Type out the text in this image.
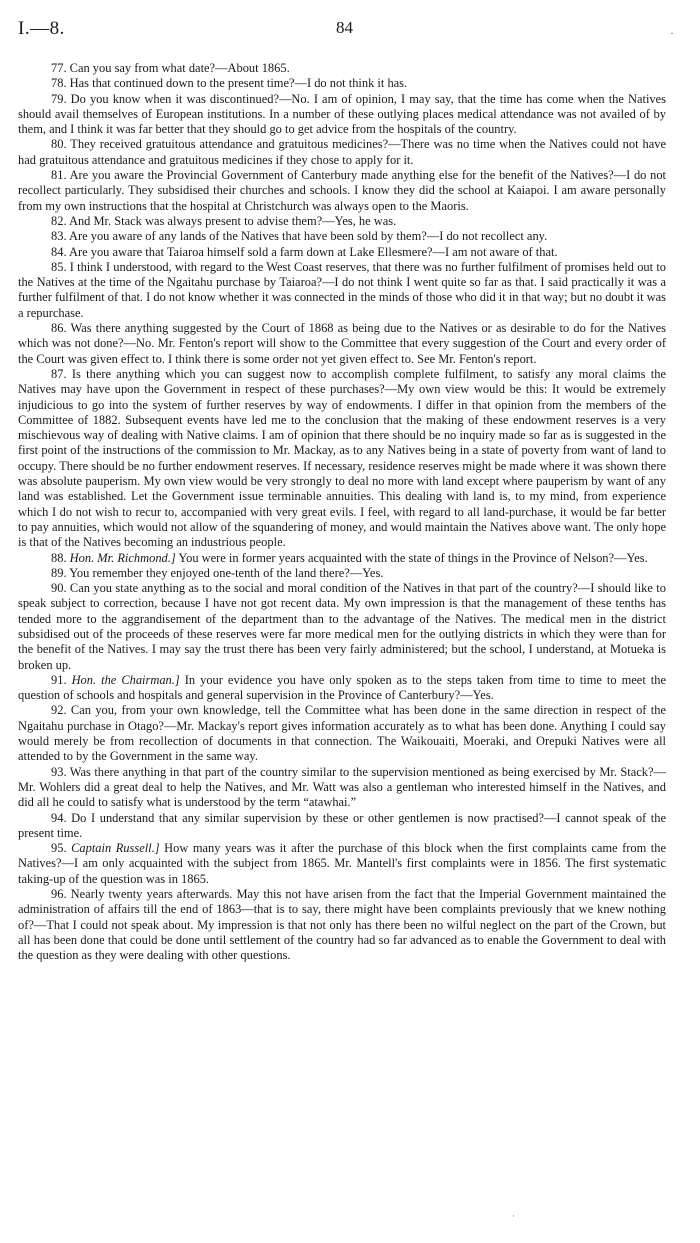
I.—8.	84	·

77. Can you say from what date?—About 1865.

78. Has that continued down to the present time?—I do not think it has.

79. Do you know when it was discontinued?—No. I am of opinion, I may say, that the time has come when the Natives should avail themselves of European institutions. In a number of these outlying places medical attendance was not availed of by them, and I think it was far better that they should go to get advice from the hospitals of the country.

80. They received gratuitous attendance and gratuitous medicines?—There was no time when the Natives could not have had gratuitous attendance and gratuitous medicines if they chose to apply for it.

81. Are you aware the Provincial Government of Canterbury made anything else for the benefit of the Natives?—I do not recollect particularly. They subsidised their churches and schools. I know they did the school at Kaiapoi. I am aware personally from my own instructions that the hospital at Christchurch was always open to the Maoris.

82. And Mr. Stack was always present to advise them?—Yes, he was.

83. Are you aware of any lands of the Natives that have been sold by them?—I do not recollect any.

84. Are you aware that Taiaroa himself sold a farm down at Lake Ellesmere?—I am not aware of that.

85. I think I understood, with regard to the West Coast reserves, that there was no further fulfilment of promises held out to the Natives at the time of the Ngaitahu purchase by Taiaroa?—I do not think I went quite so far as that. I said practically it was a further fulfilment of that. I do not know whether it was connected in the minds of those who did it in that way; but no doubt it was a repurchase.

86. Was there anything suggested by the Court of 1868 as being due to the Natives or as desirable to do for the Natives which was not done?—No. Mr. Fenton's report will show to the Committee that every suggestion of the Court and every order of the Court was given effect to. I think there is some order not yet given effect to. See Mr. Fenton's report.

87. Is there anything which you can suggest now to accomplish complete fulfilment, to satisfy any moral claims the Natives may have upon the Government in respect of these purchases?—My own view would be this: It would be extremely injudicious to go into the system of further reserves by way of endowments. I differ in that opinion from the members of the Committee of 1882. Subsequent events have led me to the conclusion that the making of these endowment reserves is a very mischievous way of dealing with Native claims. I am of opinion that there should be no inquiry made so far as is suggested in the first point of the instructions of the commission to Mr. Mackay, as to any Natives being in a state of poverty from want of land to occupy. There should be no further endowment reserves. If necessary, residence reserves might be made where it was shown there was absolute pauperism. My own view would be very strongly to deal no more with land except where pauperism by want of any land was established. Let the Government issue terminable annuities. This dealing with land is, to my mind, from experience which I do not wish to recur to, accompanied with very great evils. I feel, with regard to all land-purchase, it would be far better to pay annuities, which would not allow of the squandering of money, and would maintain the Natives above want. The only hope is that of the Natives becoming an industrious people.

88. Hon. Mr. Richmond.] You were in former years acquainted with the state of things in the Province of Nelson?—Yes.

89. You remember they enjoyed one-tenth of the land there?—Yes.

90. Can you state anything as to the social and moral condition of the Natives in that part of the country?—I should like to speak subject to correction, because I have not got recent data. My own impression is that the management of these tenths has tended more to the aggrandisement of the department than to the advantage of the Natives. The medical men in the district subsidised out of the proceeds of these reserves were far more medical men for the outlying districts in which they were than for the benefit of the Natives. I may say the trust there has been very fairly administered; but the school, I understand, at Motueka is broken up.

91. Hon. the Chairman.] In your evidence you have only spoken as to the steps taken from time to time to meet the question of schools and hospitals and general supervision in the Province of Canterbury?—Yes.

92. Can you, from your own knowledge, tell the Committee what has been done in the same direction in respect of the Ngaitahu purchase in Otago?—Mr. Mackay's report gives information accurately as to what has been done. Anything I could say would merely be from recollection of documents in that connection. The Waikouaiti, Moeraki, and Orepuki Natives were all attended to by the Government in the same way.

93. Was there anything in that part of the country similar to the supervision mentioned as being exercised by Mr. Stack?—Mr. Wohlers did a great deal to help the Natives, and Mr. Watt was also a gentleman who interested himself in the Natives, and did all he could to satisfy what is understood by the term “atawhai.”

94. Do I understand that any similar supervision by these or other gentlemen is now practised?—I cannot speak of the present time.

95. Captain Russell.] How many years was it after the purchase of this block when the first complaints came from the Natives?—I am only acquainted with the subject from 1865. Mr. Mantell's first complaints were in 1856. The first systematic taking-up of the question was in 1865.

96. Nearly twenty years afterwards. May this not have arisen from the fact that the Imperial Government maintained the administration of affairs till the end of 1863—that is to say, there might have been complaints previously that we knew nothing of?—That I could not speak about. My impression is that not only has there been no wilful neglect on the part of the Crown, but all has been done that could be done until settlement of the country had so far advanced as to enable the Government to deal with the question as they were dealing with other questions.

·
